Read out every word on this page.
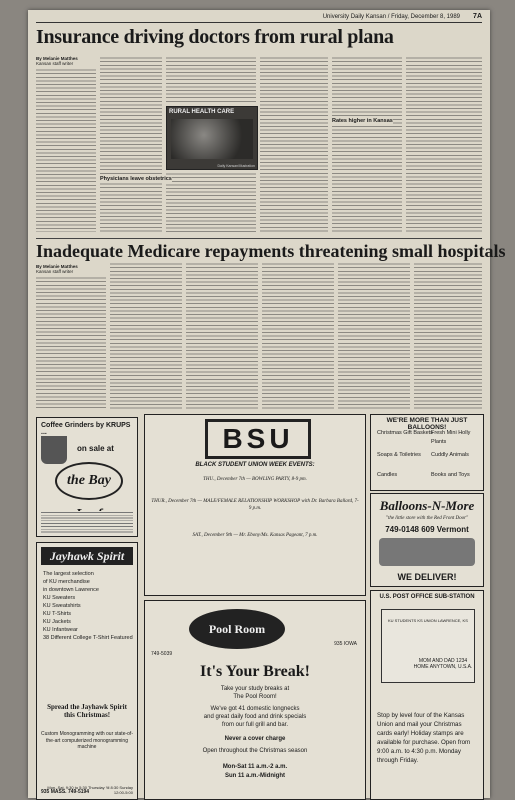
University Daily Kansan / Friday, December 8, 1989 7A
Insurance driving doctors from rural plana
By Melanie Matthes
Kansan staff writer
Physicians leave obstetrics
Rates higher in Kansas
RURAL HEALTH CARE
Daily Kansan/Illustration
Inadequate Medicare repayments threatening small hospitals
By Melanie Matthes
Kansan staff writer
Coffee Grinders by KRUPS ...
on sale at
the Bay
Jayhawk Spirit
The largest selection
of KU merchandise
in downtown Lawrence
KU Sweaters
KU Sweatshirts
KU T-Shirts
KU Jackets
KU Infantwear
38 Different College T-Shirt Featured
Spread the Jayhawk Spirit this Christmas!
Custom Monogramming with our state-of-the-art computerized monogramming machine
935 MASS. 749-5194
Mon.-Sat. 9:30 to 5:30 Thursday 'til 8:30 Sunday 12:00-5:00
BSU
BLACK STUDENT UNION WEEK EVENTS:
THU., December 7th — BOWLING PARTY, 8-9 pm.
THUR., December 7th — MALE/FEMALE RELATIONSHIP WORKSHOP with Dr. Barbara Ballard, 7-9 p.m.
SAT., December 9th — Mr. Ebony/Ms. Kansas Pageant, 7 p.m.
Pool Room
749-5039
935 IOWA
It's Your Break!
Take your study breaks at
The Pool Room!
We've got 41 domestic longnecks
and great daily food and drink specials
from our full grill and bar.
Never a cover charge
Open throughout the Christmas season
Mon-Sat 11 a.m.-2 a.m.
Sun 11 a.m.-Midnight
WE'RE MORE THAN JUST BALLOONS!
Christmas Gift Baskets
Fresh Mini Holly Plants
Soaps & Toiletries Cuddly Animals
Candles	Books and Toys
Balloons-N-More
"the little store with the Red Front Door"
749-0148 609 Vermont
WE DELIVER!
U.S. POST OFFICE SUB-STATION
KU STUDENTS KS UNION LAWRENCE, KS
MOM AND DAD 1234 HOME ANYTOWN, U.S.A.
Stop by level four of the Kansas Union and mail your Christmas cards early! Holiday stamps are available for purchase. Open from 9:00 a.m. to 4:30 p.m. Monday through Friday.
